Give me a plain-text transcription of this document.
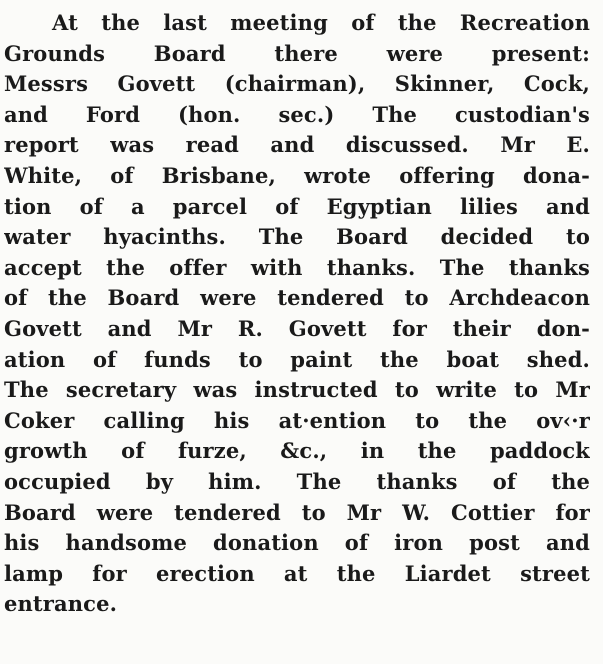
At the last meeting of the Recreation
Grounds Board there were present:
Messrs Govett (chairman), Skinner, Cock,
and Ford (hon. sec.) The custodian's
report was read and discussed. Mr E.
White, of Brisbane, wrote offering dona-
tion of a parcel of Egyptian lilies and
water hyacinths. The Board decided to
accept the offer with thanks. The thanks
of the Board were tendered to Archdeacon
Govett and Mr R. Govett for their don-
ation of funds to paint the boat shed.
The secretary was instructed to write to Mr
Coker calling his at·ention to the ov‹·r
growth of furze, &c., in the paddock
occupied by him. The thanks of the
Board were tendered to Mr W. Cottier for
his handsome donation of iron post and
lamp for erection at the Liardet street
entrance.
